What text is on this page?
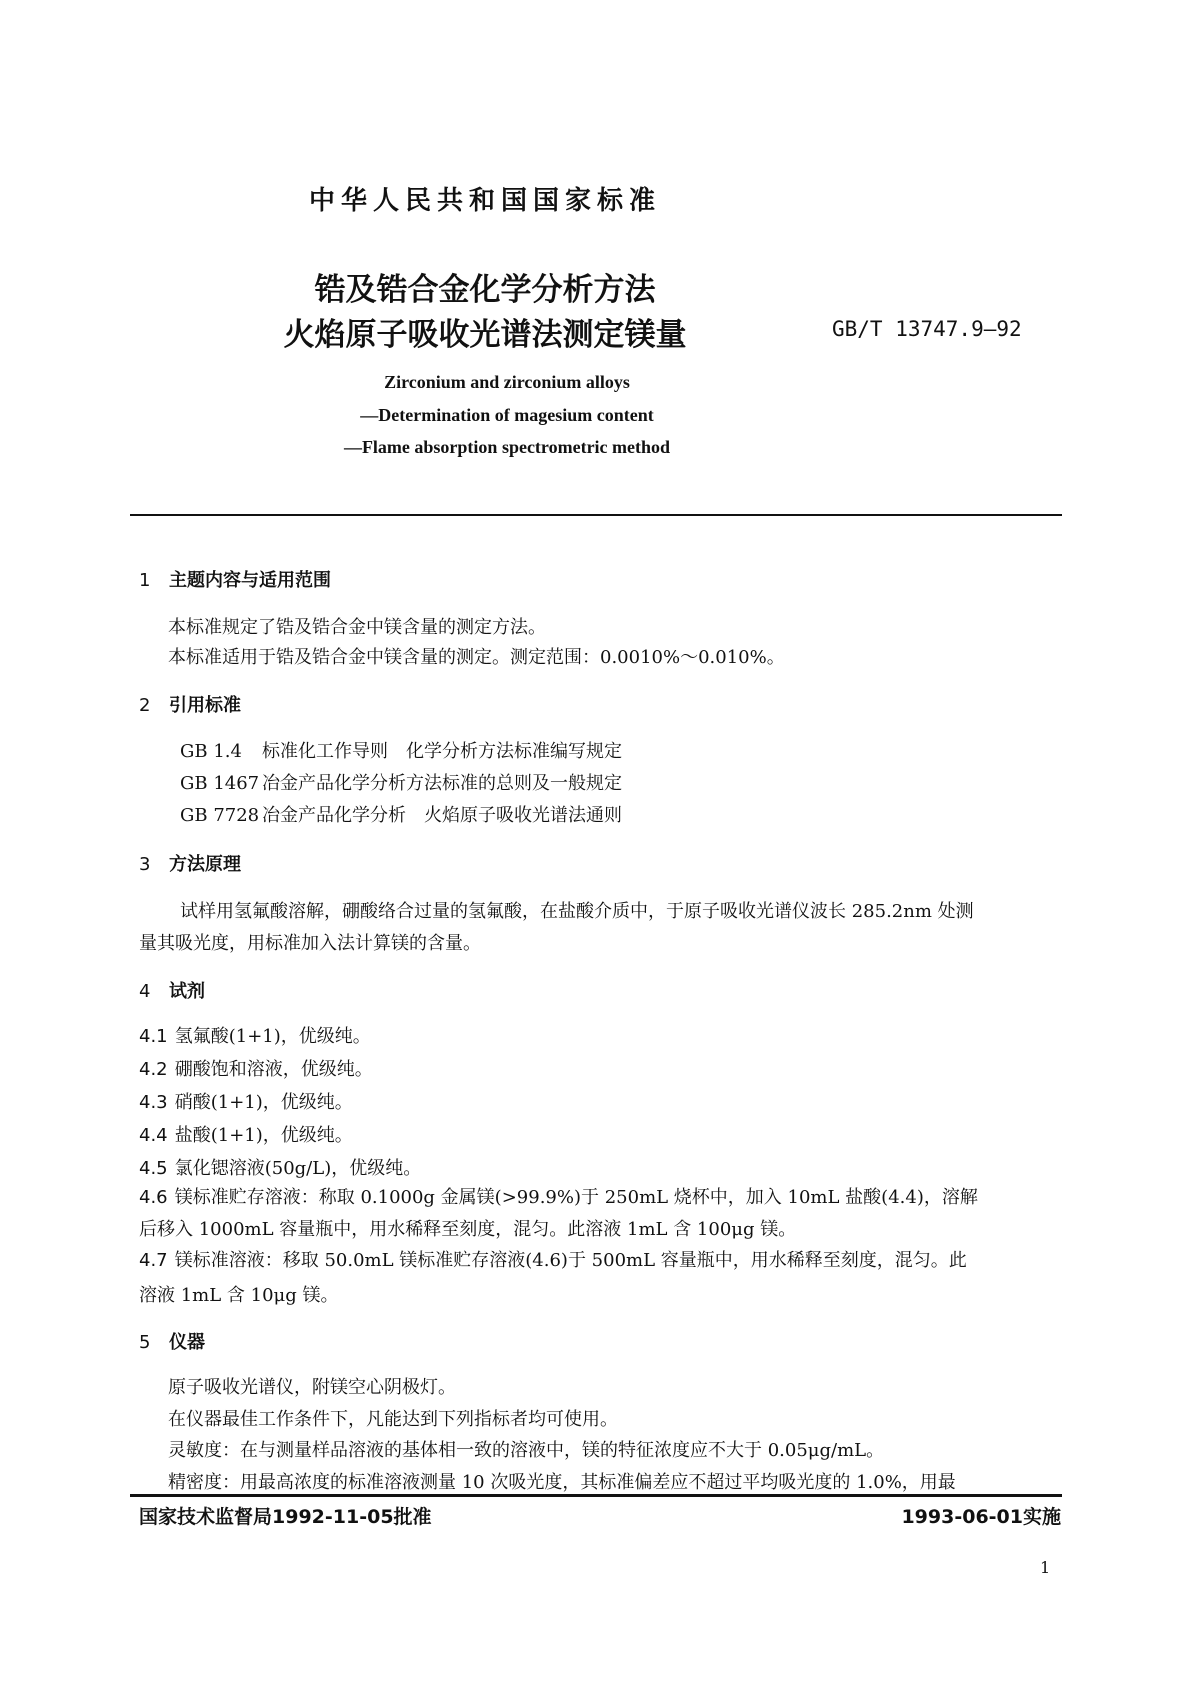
中华人民共和国国家标准
锆及锆合金化学分析方法
火焰原子吸收光谱法测定镁量	GB/T 13747.9—92
Zirconium and zirconium alloys
—Determination of magesium content
—Flame absorption spectrometric method
1 主题内容与适用范围
本标准规定了锆及锆合金中镁含量的测定方法。
本标准适用于锆及锆合金中镁含量的测定。测定范围：0.0010%～0.010%。
2 引用标准
GB 1.4 标准化工作导则　化学分析方法标准编写规定
GB 1467 冶金产品化学分析方法标准的总则及一般规定
GB 7728 冶金产品化学分析　火焰原子吸收光谱法通则
3 方法原理
试样用氢氟酸溶解，硼酸络合过量的氢氟酸，在盐酸介质中，于原子吸收光谱仪波长 285.2nm 处测
量其吸光度，用标准加入法计算镁的含量。
4 试剂
4.1 氢氟酸(1+1)，优级纯。
4.2 硼酸饱和溶液，优级纯。
4.3 硝酸(1+1)，优级纯。
4.4 盐酸(1+1)，优级纯。
4.5 氯化锶溶液(50g/L)，优级纯。
4.6 镁标准贮存溶液：称取 0.1000g 金属镁(>99.9%)于 250mL 烧杯中，加入 10mL 盐酸(4.4)，溶解
后移入 1000mL 容量瓶中，用水稀释至刻度，混匀。此溶液 1mL 含 100μg 镁。
4.7 镁标准溶液：移取 50.0mL 镁标准贮存溶液(4.6)于 500mL 容量瓶中，用水稀释至刻度，混匀。此
溶液 1mL 含 10μg 镁。
5 仪器
原子吸收光谱仪，附镁空心阴极灯。
在仪器最佳工作条件下，凡能达到下列指标者均可使用。
灵敏度：在与测量样品溶液的基体相一致的溶液中，镁的特征浓度应不大于 0.05μg/mL。
精密度：用最高浓度的标准溶液测量 10 次吸光度，其标准偏差应不超过平均吸光度的 1.0%，用最
国家技术监督局1992-11-05批准	1993-06-01实施
1
